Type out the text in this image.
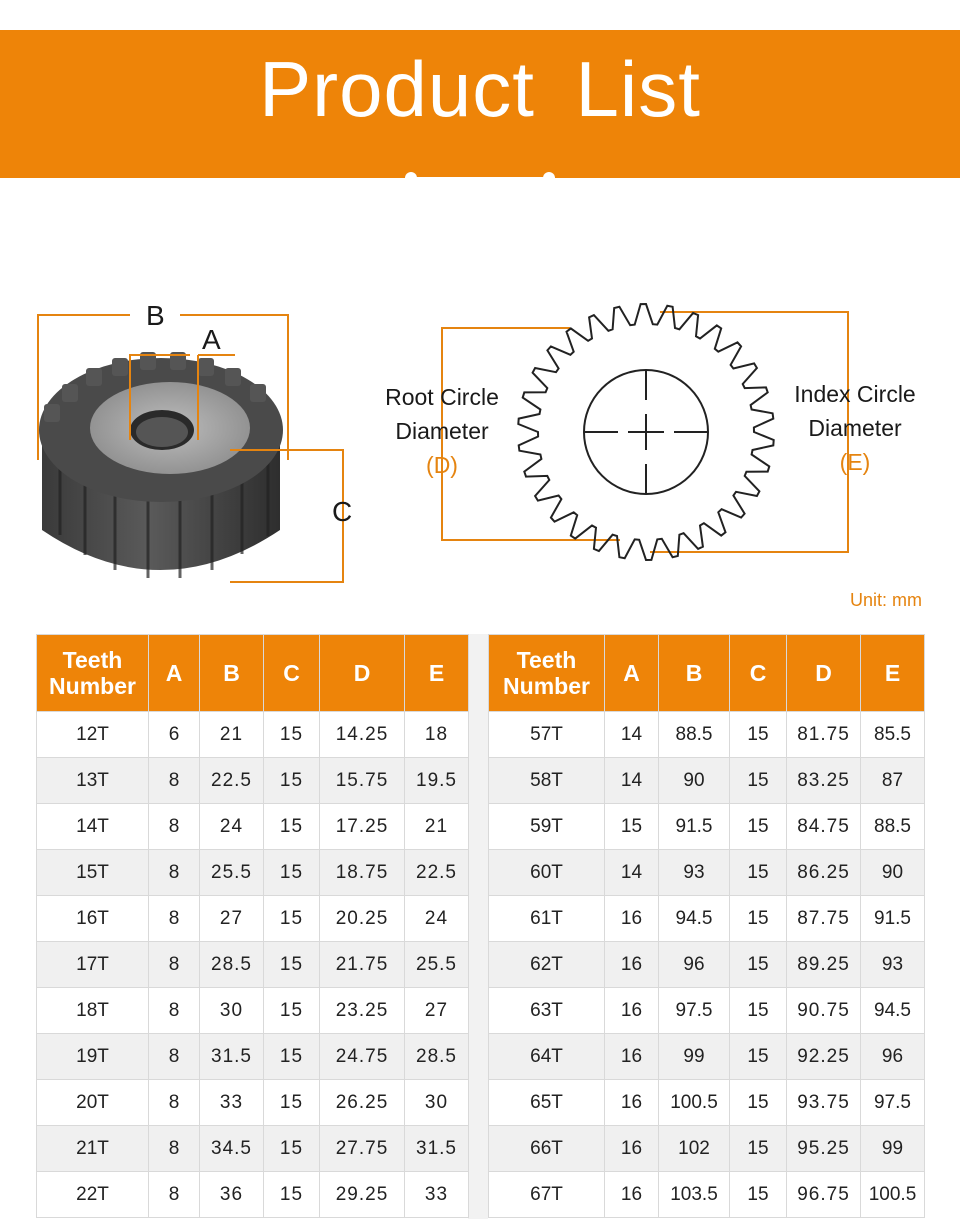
Product List
B
A
C
Root Circle
Diameter
(D)
Index Circle
Diameter
(E)
Unit: mm
Teeth Number	A	B	C	D	E
12T	6	21	15	14.25	18
13T	8	22.5	15	15.75	19.5
14T	8	24	15	17.25	21
15T	8	25.5	15	18.75	22.5
16T	8	27	15	20.25	24
17T	8	28.5	15	21.75	25.5
18T	8	30	15	23.25	27
19T	8	31.5	15	24.75	28.5
20T	8	33	15	26.25	30
21T	8	34.5	15	27.75	31.5
22T	8	36	15	29.25	33
Teeth Number	A	B	C	D	E
57T	14	88.5	15	81.75	85.5
58T	14	90	15	83.25	87
59T	15	91.5	15	84.75	88.5
60T	14	93	15	86.25	90
61T	16	94.5	15	87.75	91.5
62T	16	96	15	89.25	93
63T	16	97.5	15	90.75	94.5
64T	16	99	15	92.25	96
65T	16	100.5	15	93.75	97.5
66T	16	102	15	95.25	99
67T	16	103.5	15	96.75	100.5
